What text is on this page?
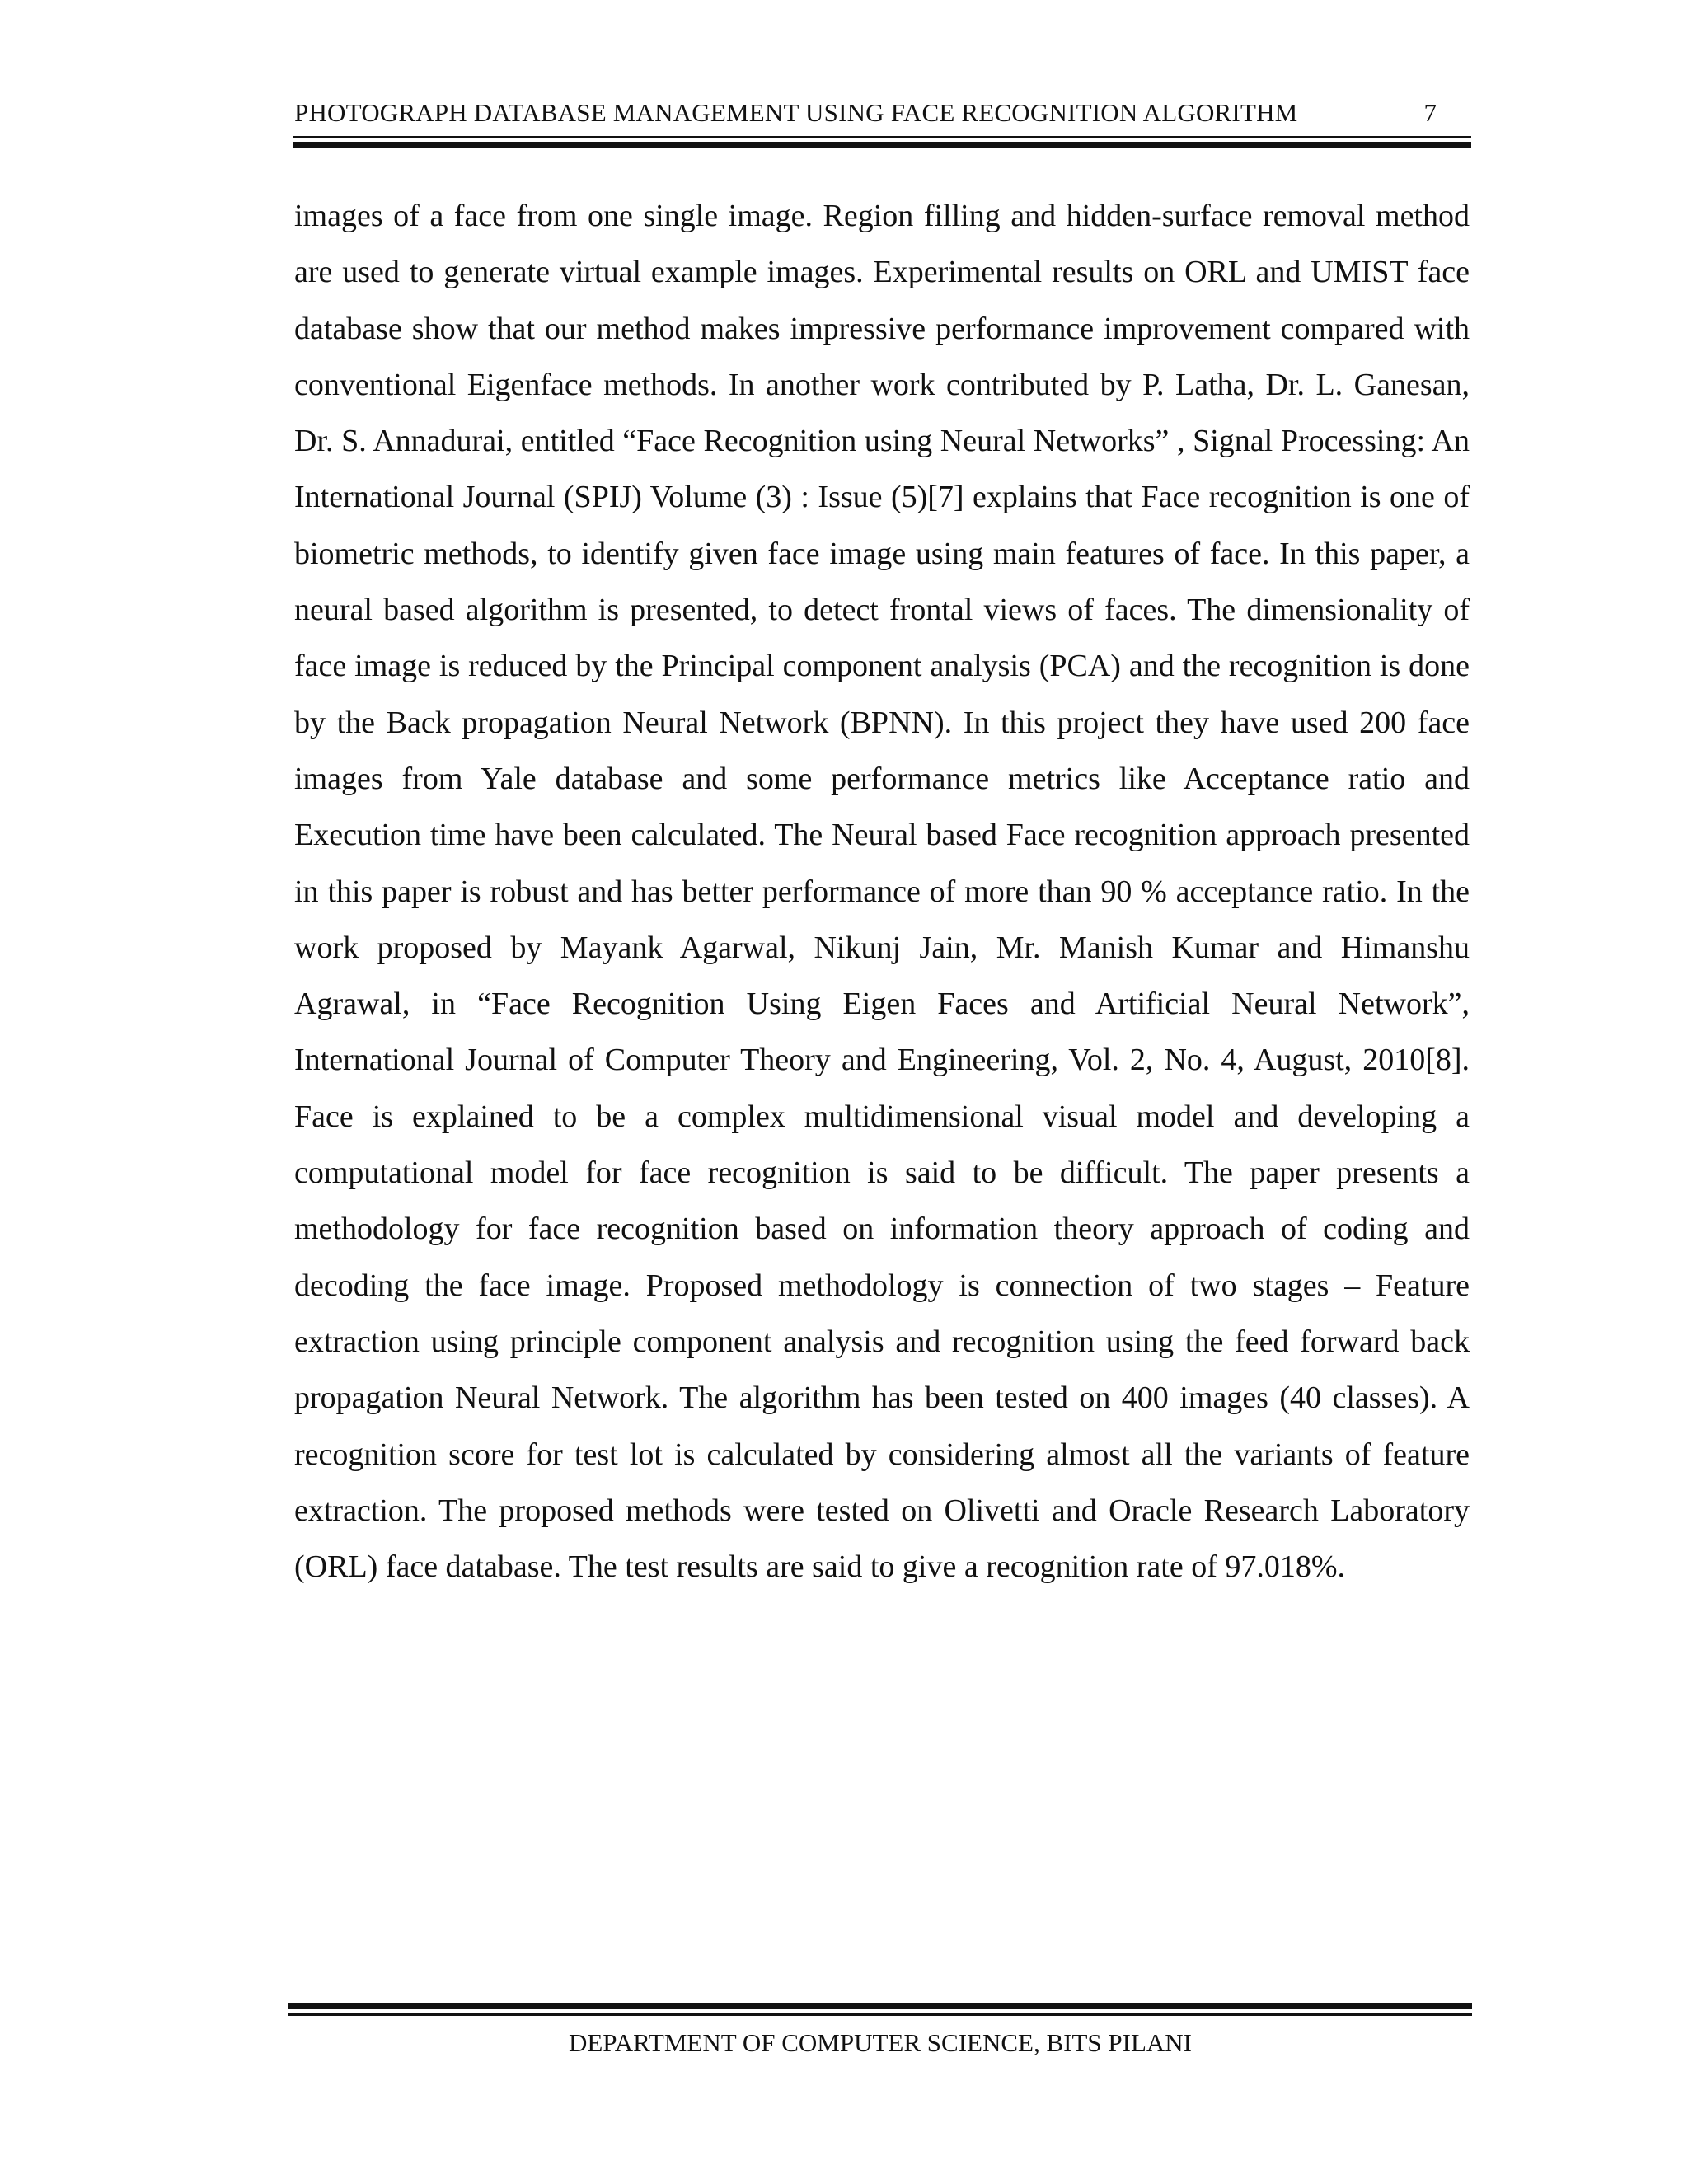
PHOTOGRAPH DATABASE MANAGEMENT USING FACE RECOGNITION ALGORITHM	7

images of a face from one single image. Region filling and hidden-surface removal method are used to generate virtual example images. Experimental results on ORL and UMIST face database show that our method makes impressive performance improvement compared with conventional Eigenface methods. In another work contributed by P. Latha, Dr. L. Ganesan, Dr. S. Annadurai, entitled “Face Recognition using Neural Networks” , Signal Processing: An International Journal (SPIJ) Volume (3) : Issue (5)[7] explains that Face recognition is one of biometric methods, to identify given face image using main features of face. In this paper, a neural based algorithm is presented, to detect frontal views of faces. The dimensionality of face image is reduced by the Principal component analysis (PCA) and the recognition is done by the Back propagation Neural Network (BPNN). In this project they have used 200 face images from Yale database and some performance metrics like Acceptance ratio and Execution time have been calculated. The Neural based Face recognition approach presented in this paper is robust and has better performance of more than 90 % acceptance ratio. In the work proposed by Mayank Agarwal, Nikunj Jain, Mr. Manish Kumar and Himanshu Agrawal, in “Face Recognition Using Eigen Faces and Artificial Neural Network”, International Journal of Computer Theory and Engineering, Vol. 2, No. 4, August, 2010[8]. Face is explained to be a complex multidimensional visual model and developing a computational model for face recognition is said to be difficult. The paper presents a methodology for face recognition based on information theory approach of coding and decoding the face image. Proposed methodology is connection of two stages – Feature extraction using principle component analysis and recognition using the feed forward back propagation Neural Network. The algorithm has been tested on 400 images (40 classes). A recognition score for test lot is calculated by considering almost all the variants of feature extraction. The proposed methods were tested on Olivetti and Oracle Research Laboratory (ORL) face database. The test results are said to give a recognition rate of 97.018%.

DEPARTMENT OF COMPUTER SCIENCE, BITS PILANI
